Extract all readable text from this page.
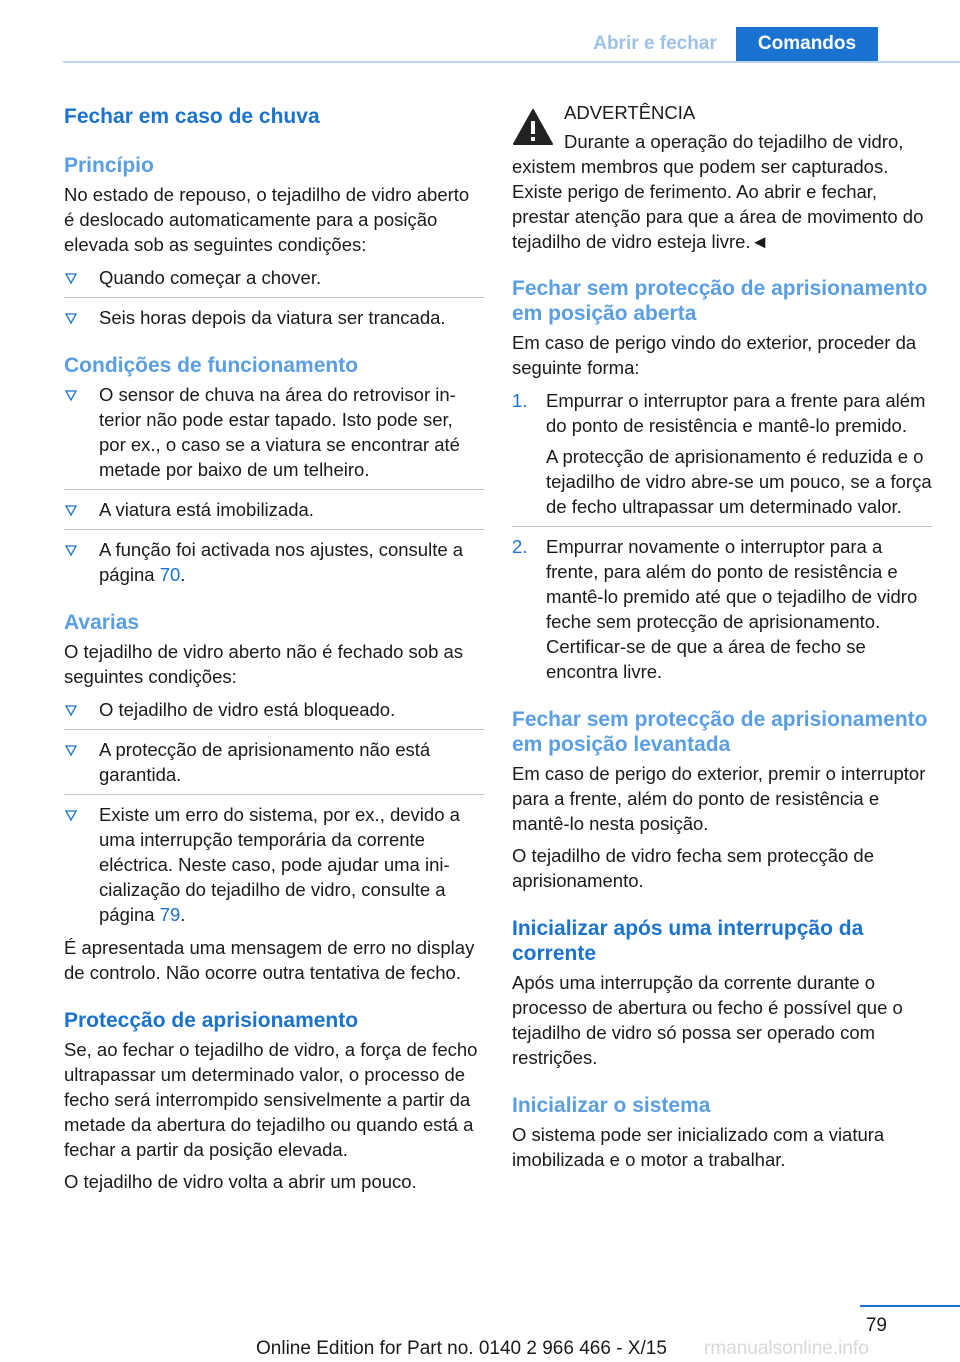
Abrir e fechar	Comandos
Fechar em caso de chuva
Princípio

No estado de repouso, o tejadilho de vidro aberto é deslocado automaticamente para a posição elevada sob as seguintes condições:

Quando começar a chover.
Seis horas depois da viatura ser trancada.
Condições de funcionamento
O sensor de chuva na área do retrovisor interior não pode estar tapado. Isto pode ser, por ex., o caso se a viatura se encontrar até metade por baixo de um telheiro.
A viatura está imobilizada.
A função foi activada nos ajustes, consulte a página 70.
Avarias

O tejadilho de vidro aberto não é fechado sob as seguintes condições:

O tejadilho de vidro está bloqueado.
A protecção de aprisionamento não está garantida.
Existe um erro do sistema, por ex., devido a uma interrupção temporária da corrente eléctrica. Neste caso, pode ajudar uma inicialização do tejadilho de vidro, consulte a página 79.

É apresentada uma mensagem de erro no display de controlo. Não ocorre outra tentativa de fecho.

Protecção de aprisionamento

Se, ao fechar o tejadilho de vidro, a força de fecho ultrapassar um determinado valor, o processo de fecho será interrompido sensivelmente a partir da metade da abertura do tejadilho ou quando está a fechar a partir da posição elevada.

O tejadilho de vidro volta a abrir um pouco.

ADVERTÊNCIA

Durante a operação do tejadilho de vidro, existem membros que podem ser capturados. Existe perigo de ferimento. Ao abrir e fechar, prestar atenção para que a área de movimento do tejadilho de vidro esteja livre.◄

Fechar sem protecção de aprisionamento em posição aberta

Em caso de perigo vindo do exterior, proceder da seguinte forma:

1. Empurrar o interruptor para a frente para além do ponto de resistência e mantê-lo premido.
A protecção de aprisionamento é reduzida e o tejadilho de vidro abre-se um pouco, se a força de fecho ultrapassar um determinado valor.
2. Empurrar novamente o interruptor para a frente, para além do ponto de resistência e mantê-lo premido até que o tejadilho de vidro feche sem protecção de aprisionamento. Certificar-se de que a área de fecho se encontra livre.
Fechar sem protecção de aprisionamento em posição levantada

Em caso de perigo do exterior, premir o interruptor para a frente, além do ponto de resistência e mantê-lo nesta posição.

O tejadilho de vidro fecha sem protecção de aprisionamento.

Inicializar após uma interrupção da corrente

Após uma interrupção da corrente durante o processo de abertura ou fecho é possível que o tejadilho de vidro só possa ser operado com restrições.

Inicializar o sistema

O sistema pode ser inicializado com a viatura imobilizada e o motor a trabalhar.

79
Online Edition for Part no. 0140 2 966 466 - X/15	rmanualsonline.info
